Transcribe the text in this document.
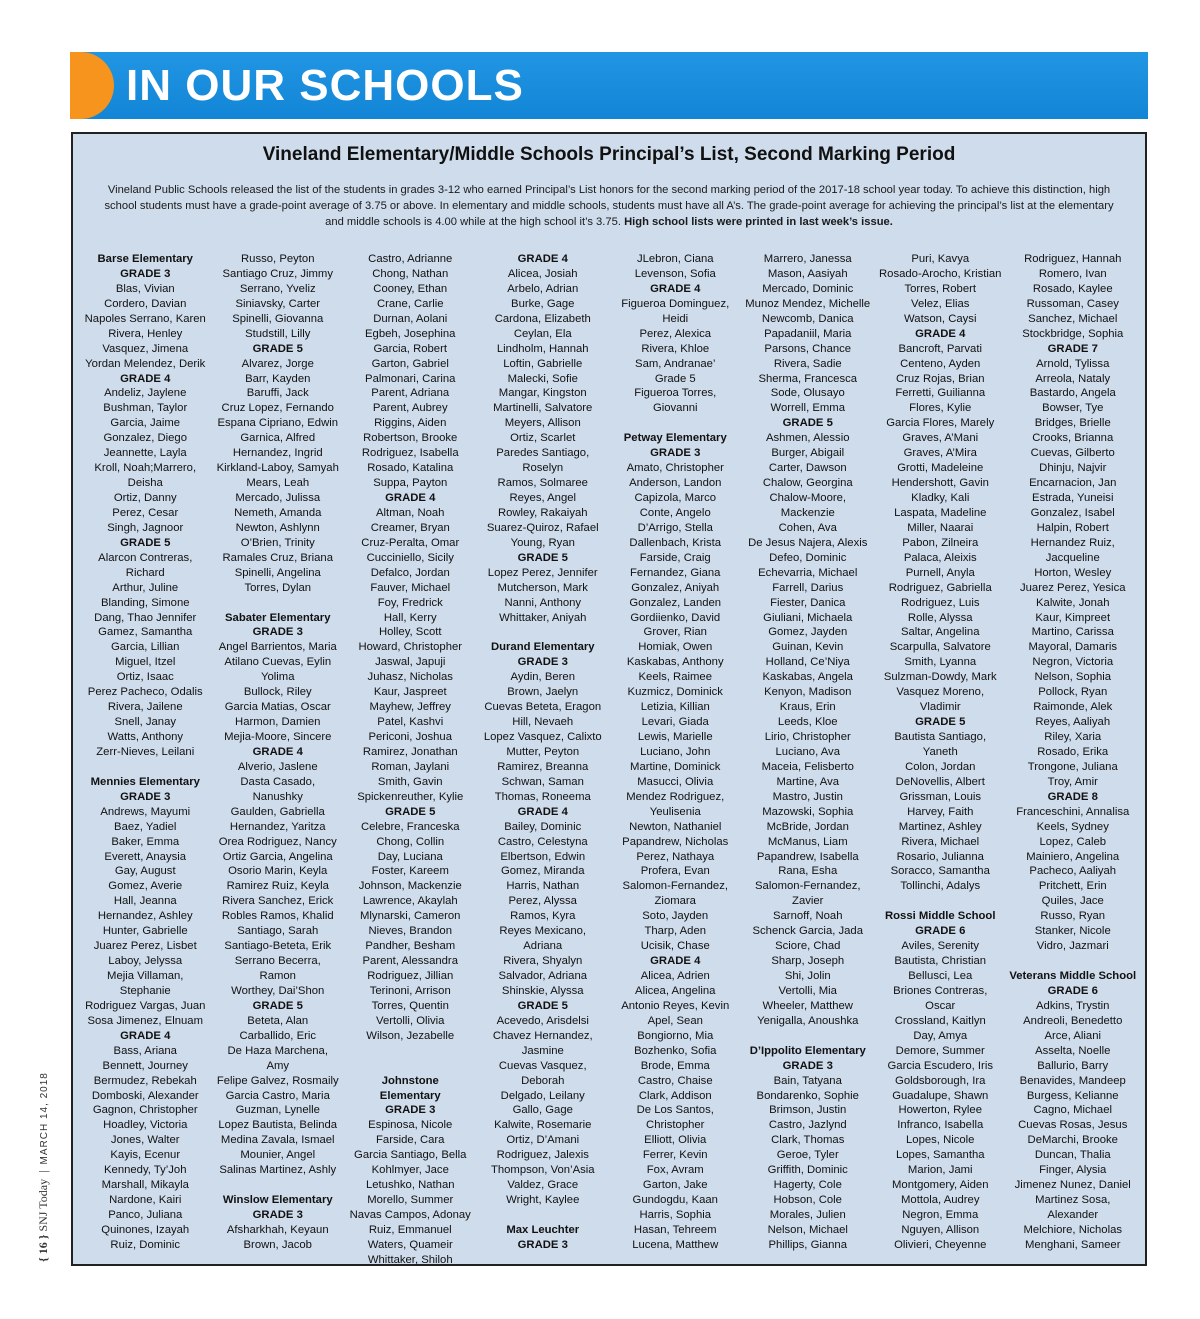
IN OUR SCHOOLS
Vineland Elementary/Middle Schools Principal’s List, Second Marking Period
Vineland Public Schools released the list of the students in grades 3-12 who earned Principal’s List honors for the second marking period of the 2017-18 school year today. To achieve this distinction, high school students must have a grade-point average of 3.75 or above. In elementary and middle schools, students must have all A’s. The grade-point average for achieving the principal’s list at the elementary and middle schools is 4.00 while at the high school it’s 3.75. High school lists were printed in last week’s issue.
Barse Elementary
GRADE 3
Blas, Vivian
Cordero, Davian
Napoles Serrano, Karen
Rivera, Henley
Vasquez, Jimena
Yordan Melendez, Derik
GRADE 4
Andeliz, Jaylene
Bushman, Taylor
Garcia, Jaime
Gonzalez, Diego
Jeannette, Layla
Kroll, Noah;Marrero,
Deisha
Ortiz, Danny
Perez, Cesar
Singh, Jagnoor
GRADE 5
Alarcon Contreras,
Richard
Arthur, Juline
Blanding, Simone
Dang, Thao Jennifer
Gamez, Samantha
Garcia, Lillian
Miguel, Itzel
Ortiz, Isaac
Perez Pacheco, Odalis
Rivera, Jailene
Snell, Janay
Watts, Anthony
Zerr-Nieves, Leilani

Mennies Elementary
GRADE 3
Andrews, Mayumi
Baez, Yadiel
Baker, Emma
Everett, Anaysia
Gay, August
Gomez, Averie
Hall, Jeanna
Hernandez, Ashley
Hunter, Gabrielle
Juarez Perez, Lisbet
Laboy, Jelyssa
Mejia Villaman,
Stephanie
Rodriguez Vargas, Juan
Sosa Jimenez, Elnuam
GRADE 4
Bass, Ariana
Bennett, Journey
Bermudez, Rebekah
Domboski, Alexander
Gagnon, Christopher
Hoadley, Victoria
Jones, Walter
Kayis, Ecenur
Kennedy, Ty’Joh
Marshall, Mikayla
Nardone, Kairi
Panco, Juliana
Quinones, Izayah
Ruiz, Dominic
Russo, Peyton
Santiago Cruz, Jimmy
Serrano, Yveliz
Siniavsky, Carter
Spinelli, Giovanna
Studstill, Lilly
GRADE 5
Alvarez, Jorge
Barr, Kayden
Baruffi, Jack
Cruz Lopez, Fernando
Espana Cipriano, Edwin
Garnica, Alfred
Hernandez, Ingrid
Kirkland-Laboy, Samyah
Mears, Leah
Mercado, Julissa
Nemeth, Amanda
Newton, Ashlynn
O’Brien, Trinity
Ramales Cruz, Briana
Spinelli, Angelina
Torres, Dylan

Sabater Elementary
GRADE 3
Angel Barrientos, Maria
Atilano Cuevas, Eylin
Yolima
Bullock, Riley
Garcia Matias, Oscar
Harmon, Damien
Mejia-Moore, Sincere
GRADE 4
Alverio, Jaslene
Dasta Casado,
Nanushky
Gaulden, Gabriella
Hernandez, Yaritza
Orea Rodriguez, Nancy
Ortiz Garcia, Angelina
Osorio Marin, Keyla
Ramirez Ruiz, Keyla
Rivera Sanchez, Erick
Robles Ramos, Khalid
Santiago, Sarah
Santiago-Beteta, Erik
Serrano Becerra,
Ramon
Worthey, Dai’Shon
GRADE 5
Beteta, Alan
Carballido, Eric
De Haza Marchena,
Amy
Felipe Galvez, Rosmaily
Garcia Castro, Maria
Guzman, Lynelle
Lopez Bautista, Belinda
Medina Zavala, Ismael
Mounier, Angel
Salinas Martinez, Ashly

Winslow Elementary
GRADE 3
Afsharkhah, Keyaun
Brown, Jacob
Castro, Adrianne
Chong, Nathan
Cooney, Ethan
Crane, Carlie
Durnan, Aolani
Egbeh, Josephina
Garcia, Robert
Garton, Gabriel
Palmonari, Carina
Parent, Adriana
Parent, Aubrey
Riggins, Aiden
Robertson, Brooke
Rodriguez, Isabella
Rosado, Katalina
Suppa, Payton
GRADE 4
Altman, Noah
Creamer, Bryan
Cruz-Peralta, Omar
Cucciniello, Sicily
Defalco, Jordan
Fauver, Michael
Foy, Fredrick
Hall, Kerry
Holley, Scott
Howard, Christopher
Jaswal, Japuji
Juhasz, Nicholas
Kaur, Jaspreet
Mayhew, Jeffrey
Patel, Kashvi
Periconi, Joshua
Ramirez, Jonathan
Roman, Jaylani
Smith, Gavin
Spickenreuther, Kylie
GRADE 5
Celebre, Franceska
Chong, Collin
Day, Luciana
Foster, Kareem
Johnson, Mackenzie
Lawrence, Akaylah
Mlynarski, Cameron
Nieves, Brandon
Pandher, Besham
Parent, Alessandra
Rodriguez, Jillian
Terinoni, Arrison
Torres, Quentin
Vertolli, Olivia
Wilson, Jezabelle

Johnstone
Elementary
GRADE 3
Espinosa, Nicole
Farside, Cara
Garcia Santiago, Bella
Kohlmyer, Jace
Letushko, Nathan
Morello, Summer
Navas Campos, Adonay
Ruiz, Emmanuel
Waters, Quameir
Whittaker, Shiloh
GRADE 4
Alicea, Josiah
Arbelo, Adrian
Burke, Gage
Cardona, Elizabeth
Ceylan, Ela
Lindholm, Hannah
Loftin, Gabrielle
Malecki, Sofie
Mangar, Kingston
Martinelli, Salvatore
Meyers, Allison
Ortiz, Scarlet
Paredes Santiago,
Roselyn
Ramos, Solmaree
Reyes, Angel
Rowley, Rakaiyah
Suarez-Quiroz, Rafael
Young, Ryan
GRADE 5
Lopez Perez, Jennifer
Mutcherson, Mark
Nanni, Anthony
Whittaker, Aniyah

Durand Elementary
GRADE 3
Aydin, Beren
Brown, Jaelyn
Cuevas Beteta, Eragon
Hill, Nevaeh
Lopez Vasquez, Calixto
Mutter, Peyton
Ramirez, Breanna
Schwan, Saman
Thomas, Roneema
GRADE 4
Bailey, Dominic
Castro, Celestyna
Elbertson, Edwin
Gomez, Miranda
Harris, Nathan
Perez, Alyssa
Ramos, Kyra
Reyes Mexicano,
Adriana
Rivera, Shyalyn
Salvador, Adriana
Shinskie, Alyssa
GRADE 5
Acevedo, Arisdelsi
Chavez Hernandez,
Jasmine
Cuevas Vasquez,
Deborah
Delgado, Leilany
Gallo, Gage
Kalwite, Rosemarie
Ortiz, D’Amani
Rodriguez, Jalexis
Thompson, Von’Asia
Valdez, Grace
Wright, Kaylee

Max Leuchter
GRADE 3
JLebron, Ciana
Levenson, Sofia
GRADE 4
Figueroa Dominguez,
Heidi
Perez, Alexica
Rivera, Khloe
Sam, Andranae’
Grade 5
Figueroa Torres,
Giovanni

Petway Elementary
GRADE 3
Amato, Christopher
Anderson, Landon
Capizola, Marco
Conte, Angelo
D’Arrigo, Stella
Dallenbach, Krista
Farside, Craig
Fernandez, Giana
Gonzalez, Aniyah
Gonzalez, Landen
Gordiienko, David
Grover, Rian
Homiak, Owen
Kaskabas, Anthony
Keels, Raimee
Kuzmicz, Dominick
Letizia, Killian
Levari, Giada
Lewis, Marielle
Luciano, John
Martine, Dominick
Masucci, Olivia
Mendez Rodriguez,
Yeulisenia
Newton, Nathaniel
Papandrew, Nicholas
Perez, Nathaya
Profera, Evan
Salomon-Fernandez,
Ziomara
Soto, Jayden
Tharp, Aden
Ucisik, Chase
GRADE 4
Alicea, Adrien
Alicea, Angelina
Antonio Reyes, Kevin
Apel, Sean
Bongiorno, Mia
Bozhenko, Sofia
Brode, Emma
Castro, Chaise
Clark, Addison
De Los Santos,
Christopher
Elliott, Olivia
Ferrer, Kevin
Fox, Avram
Garton, Jake
Gundogdu, Kaan
Harris, Sophia
Hasan, Tehreem
Lucena, Matthew
Marrero, Janessa
Mason, Aasiyah
Mercado, Dominic
Munoz Mendez, Michelle
Newcomb, Danica
Papadaniil, Maria
Parsons, Chance
Rivera, Sadie
Sherma, Francesca
Sode, Olusayo
Worrell, Emma
GRADE 5
Ashmen, Alessio
Burger, Abigail
Carter, Dawson
Chalow, Georgina
Chalow-Moore,
Mackenzie
Cohen, Ava
De Jesus Najera, Alexis
Defeo, Dominic
Echevarria, Michael
Farrell, Darius
Fiester, Danica
Giuliani, Michaela
Gomez, Jayden
Guinan, Kevin
Holland, Ce’Niya
Kaskabas, Angela
Kenyon, Madison
Kraus, Erin
Leeds, Kloe
Lirio, Christopher
Luciano, Ava
Maceia, Felisberto
Martine, Ava
Mastro, Justin
Mazowski, Sophia
McBride, Jordan
McManus, Liam
Papandrew, Isabella
Rana, Esha
Salomon-Fernandez,
Zavier
Sarnoff, Noah
Schenck Garcia, Jada
Sciore, Chad
Sharp, Joseph
Shi, Jolin
Vertolli, Mia
Wheeler, Matthew
Yenigalla, Anoushka

D’Ippolito Elementary
GRADE 3
Bain, Tatyana
Bondarenko, Sophie
Brimson, Justin
Castro, Jazlynd
Clark, Thomas
Geroe, Tyler
Griffith, Dominic
Hagerty, Cole
Hobson, Cole
Morales, Julien
Nelson, Michael
Phillips, Gianna
Puri, Kavya
Rosado-Arocho, Kristian
Torres, Robert
Velez, Elias
Watson, Caysi
GRADE 4
Bancroft, Parvati
Centeno, Ayden
Cruz Rojas, Brian
Ferretti, Guilianna
Flores, Kylie
Garcia Flores, Marely
Graves, A’Mani
Graves, A’Mira
Grotti, Madeleine
Hendershott, Gavin
Kladky, Kali
Laspata, Madeline
Miller, Naarai
Pabon, Zilneira
Palaca, Aleixis
Purnell, Anyla
Rodriguez, Gabriella
Rodriguez, Luis
Rolle, Alyssa
Saltar, Angelina
Scarpulla, Salvatore
Smith, Lyanna
Sulzman-Dowdy, Mark
Vasquez Moreno,
Vladimir
GRADE 5
Bautista Santiago,
Yaneth
Colon, Jordan
DeNovellis, Albert
Grissman, Louis
Harvey, Faith
Martinez, Ashley
Rivera, Michael
Rosario, Julianna
Soracco, Samantha
Tollinchi, Adalys

Rossi Middle School
GRADE 6
Aviles, Serenity
Bautista, Christian
Bellusci, Lea
Briones Contreras,
Oscar
Crossland, Kaitlyn
Day, Amya
Demore, Summer
Garcia Escudero, Iris
Goldsborough, Ira
Guadalupe, Shawn
Howerton, Rylee
Infranco, Isabella
Lopes, Nicole
Lopes, Samantha
Marion, Jami
Montgomery, Aiden
Mottola, Audrey
Negron, Emma
Nguyen, Allison
Olivieri, Cheyenne
Rodriguez, Hannah
Romero, Ivan
Rosado, Kaylee
Russoman, Casey
Sanchez, Michael
Stockbridge, Sophia
GRADE 7
Arnold, Tylissa
Arreola, Nataly
Bastardo, Angela
Bowser, Tye
Bridges, Brielle
Crooks, Brianna
Cuevas, Gilberto
Dhinju, Najvir
Encarnacion, Jan
Estrada, Yuneisi
Gonzalez, Isabel
Halpin, Robert
Hernandez Ruiz,
Jacqueline
Horton, Wesley
Juarez Perez, Yesica
Kalwite, Jonah
Kaur, Kimpreet
Martino, Carissa
Mayoral, Damaris
Negron, Victoria
Nelson, Sophia
Pollock, Ryan
Raimonde, Alek
Reyes, Aaliyah
Riley, Xaria
Rosado, Erika
Trongone, Juliana
Troy, Amir
GRADE 8
Franceschini, Annalisa
Keels, Sydney
Lopez, Caleb
Mainiero, Angelina
Pacheco, Aaliyah
Pritchett, Erin
Quiles, Jace
Russo, Ryan
Stanker, Nicole
Vidro, Jazmari

Veterans Middle School
GRADE 6
Adkins, Trystin
Andreoli, Benedetto
Arce, Aliani
Asselta, Noelle
Ballurio, Barry
Benavides, Mandeep
Burgess, Kelianne
Cagno, Michael
Cuevas Rosas, Jesus
DeMarchi, Brooke
Duncan, Thalia
Finger, Alysia
Jimenez Nunez, Daniel
Martinez Sosa,
Alexander
Melchiore, Nicholas
Menghani, Sameer
{ 16 } SNJ Today|MARCH 14, 2018
